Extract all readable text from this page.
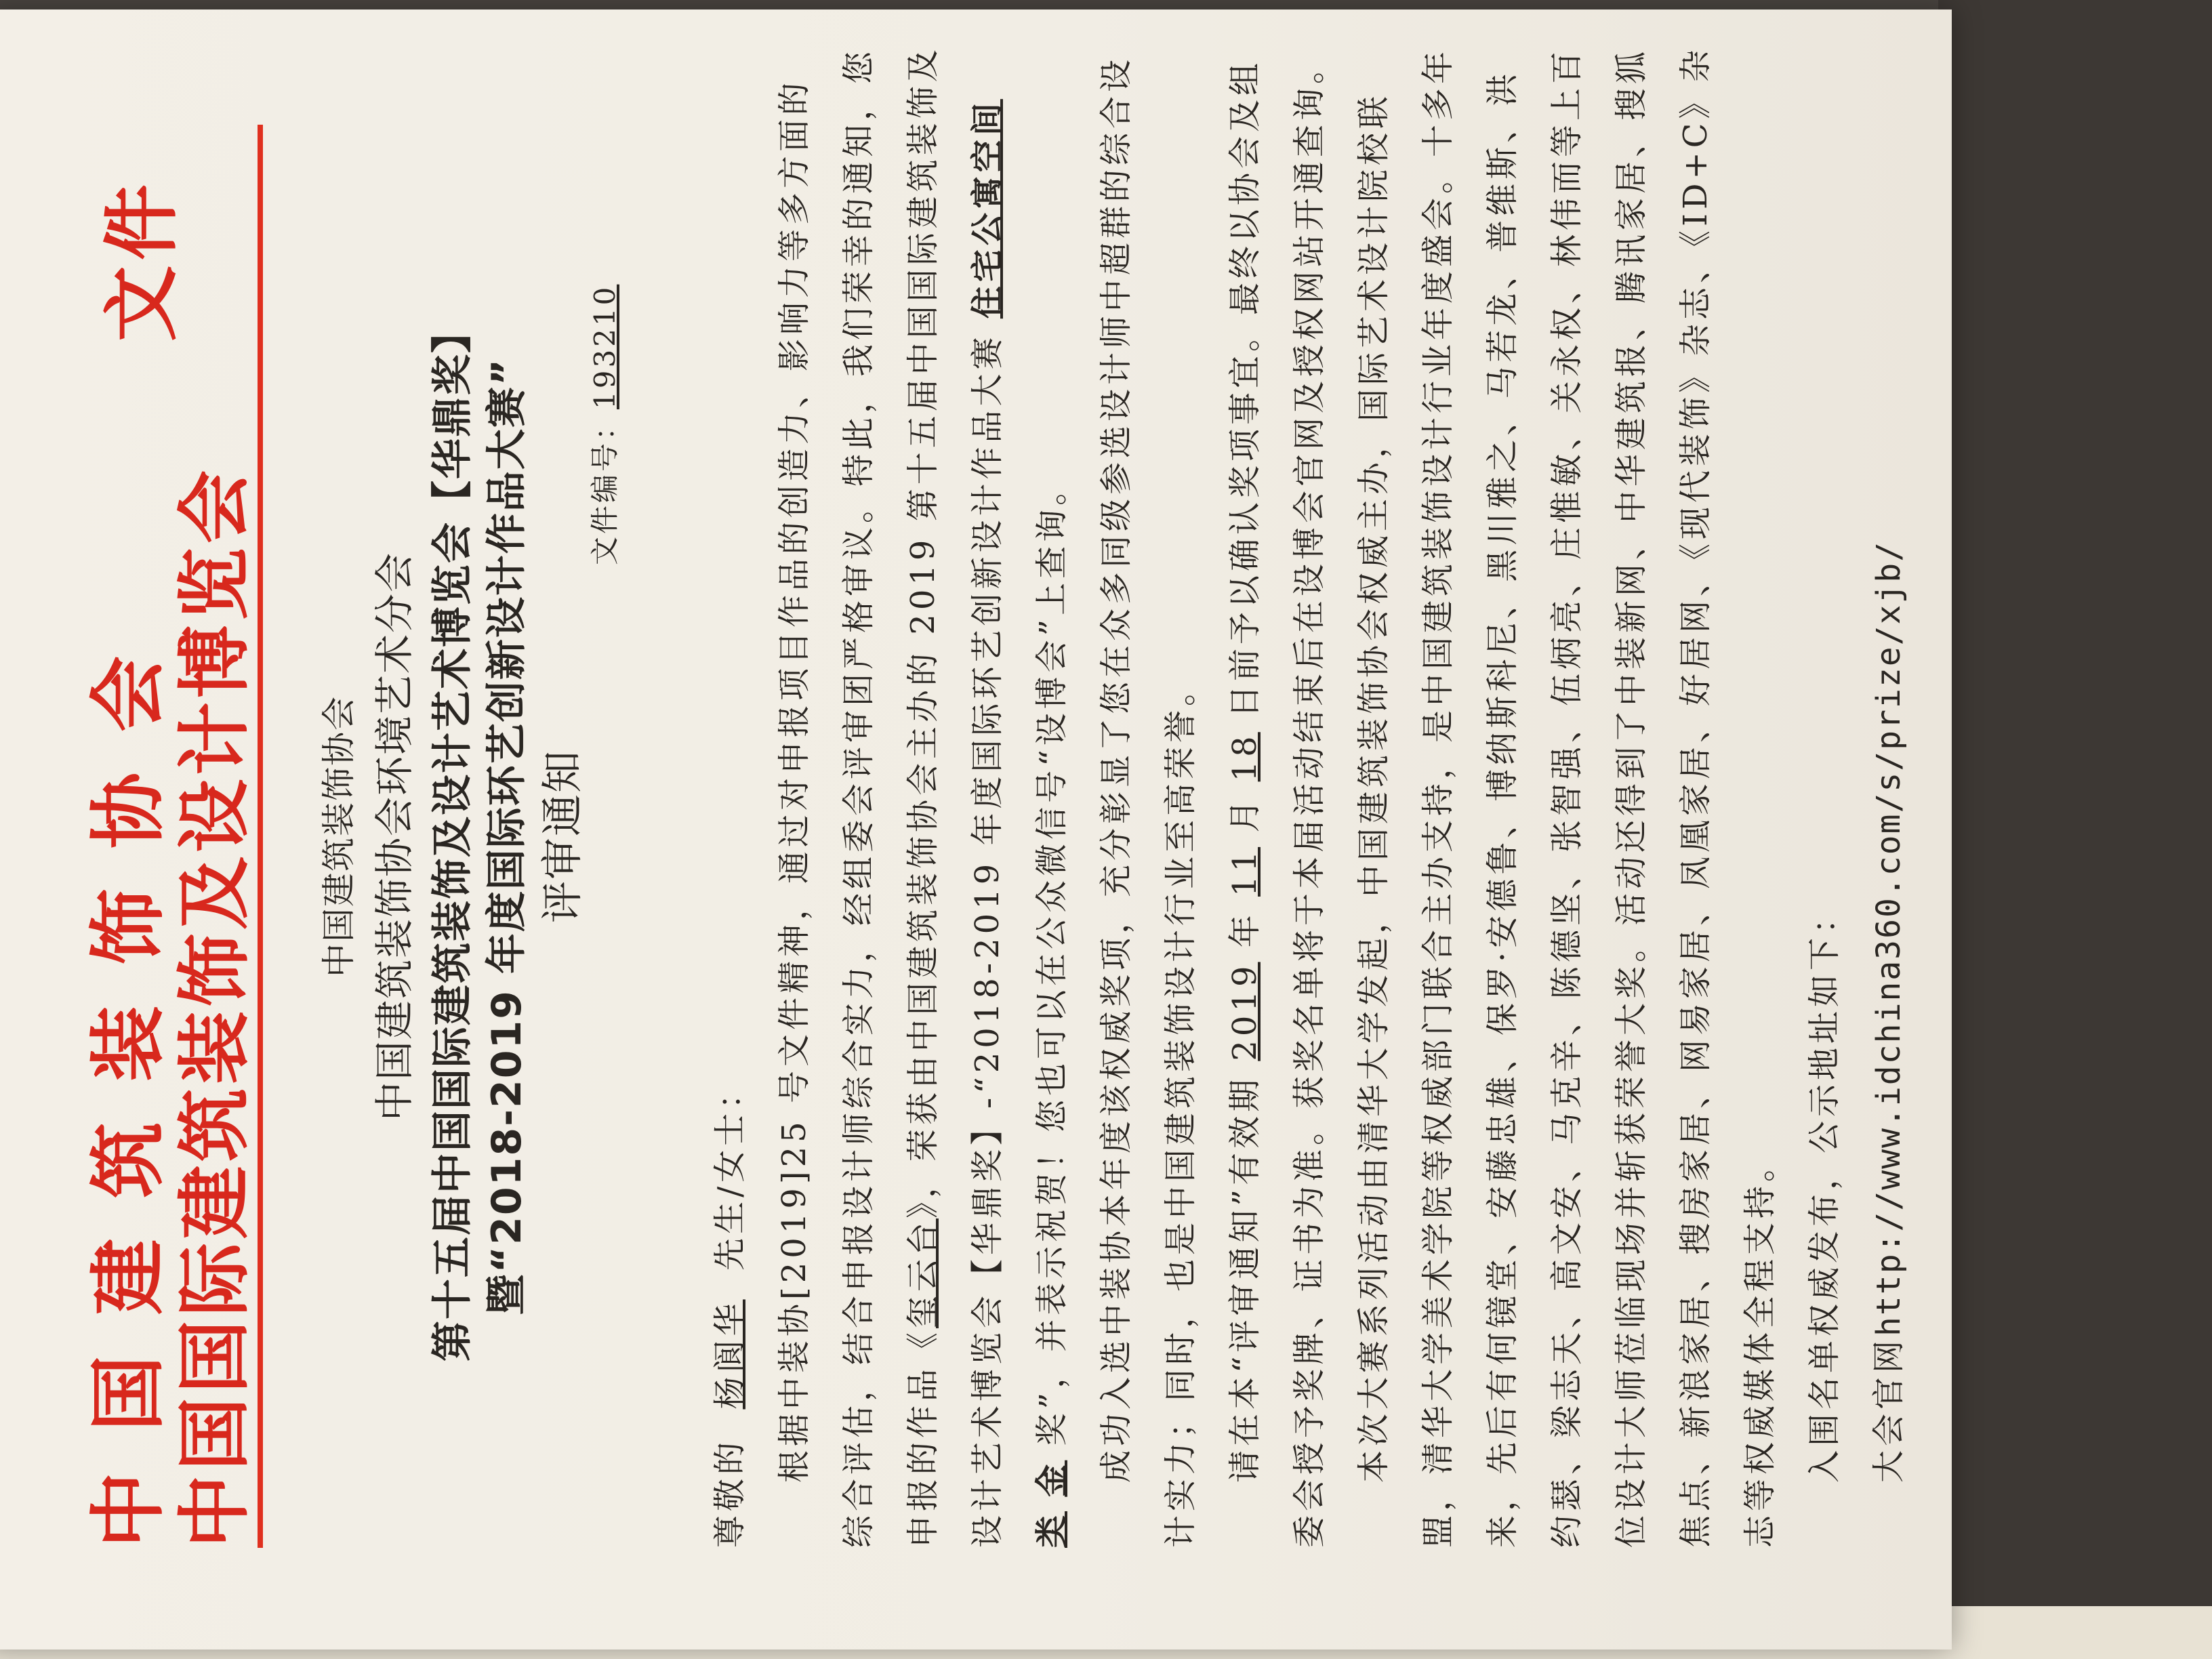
中国建筑装饰协会 中国国际建筑装饰及设计博览会
文件
中国建筑装饰协会 中国建筑装饰协会环境艺术分会 第十五届中国国际建筑装饰及设计艺术博览会【华鼎奖】 暨“2018-2019 年度国际环艺创新设计作品大赛” 评审通知
文件编号：193210

尊敬的  杨阆华  先生/女士： 根据中装协[2019]25 号文件精神，通过对申报项目作品的创造力、影响力等多方面的综合评估，结合申报设计师综合实力，经组委会评审团严格审议。特此，我们荣幸的通知，您申报的作品《玺云台》，荣获由中国建筑装饰协会主办的 2019 第十五届中国国际建筑装饰及设计艺术博览会【华鼎奖】-“2018-2019 年度国际环艺创新设计作品大赛 住宅公寓空间类 金 奖”，并表示祝贺！您也可以在公众微信号“设博会”上查询。 成功入选中装协本年度该权威奖项，充分彰显了您在众多同级参选设计师中超群的综合设计实力；同时，也是中国建筑装饰设计行业至高荣誉。 请在本“评审通知”有效期 2019 年 11 月 18 日前予以确认奖项事宜。最终以协会及组委会授予奖牌、证书为准。获奖名单将于本届活动结束后在设博会官网及授权网站开通查询。 本次大赛系列活动由清华大学发起，中国建筑装饰协会权威主办，国际艺术设计院校联盟，清华大学美术学院等权威部门联合主办支持，是中国建筑装饰设计行业年度盛会。十多年来，先后有何镜堂、安藤忠雄、保罗·安德鲁、博纳斯科尼、黑川雅之、马若龙、普维斯、洪约瑟、梁志天、高文安、马克辛、陈德坚、张智强、伍炳亮、庄惟敏、关永权、林伟而等上百位设计大师莅临现场并斩获荣誉大奖。活动还得到了中装新网、中华建筑报、腾讯家居、搜狐焦点、新浪家居、搜房家居、网易家居、凤凰家居、好居网、《现代装饰》杂志、《ID+C》杂志等权威媒体全程支持。 入围名单权威发布，公示地址如下： 大会官网http://www.idchina360.com/s/prize/xjb/
